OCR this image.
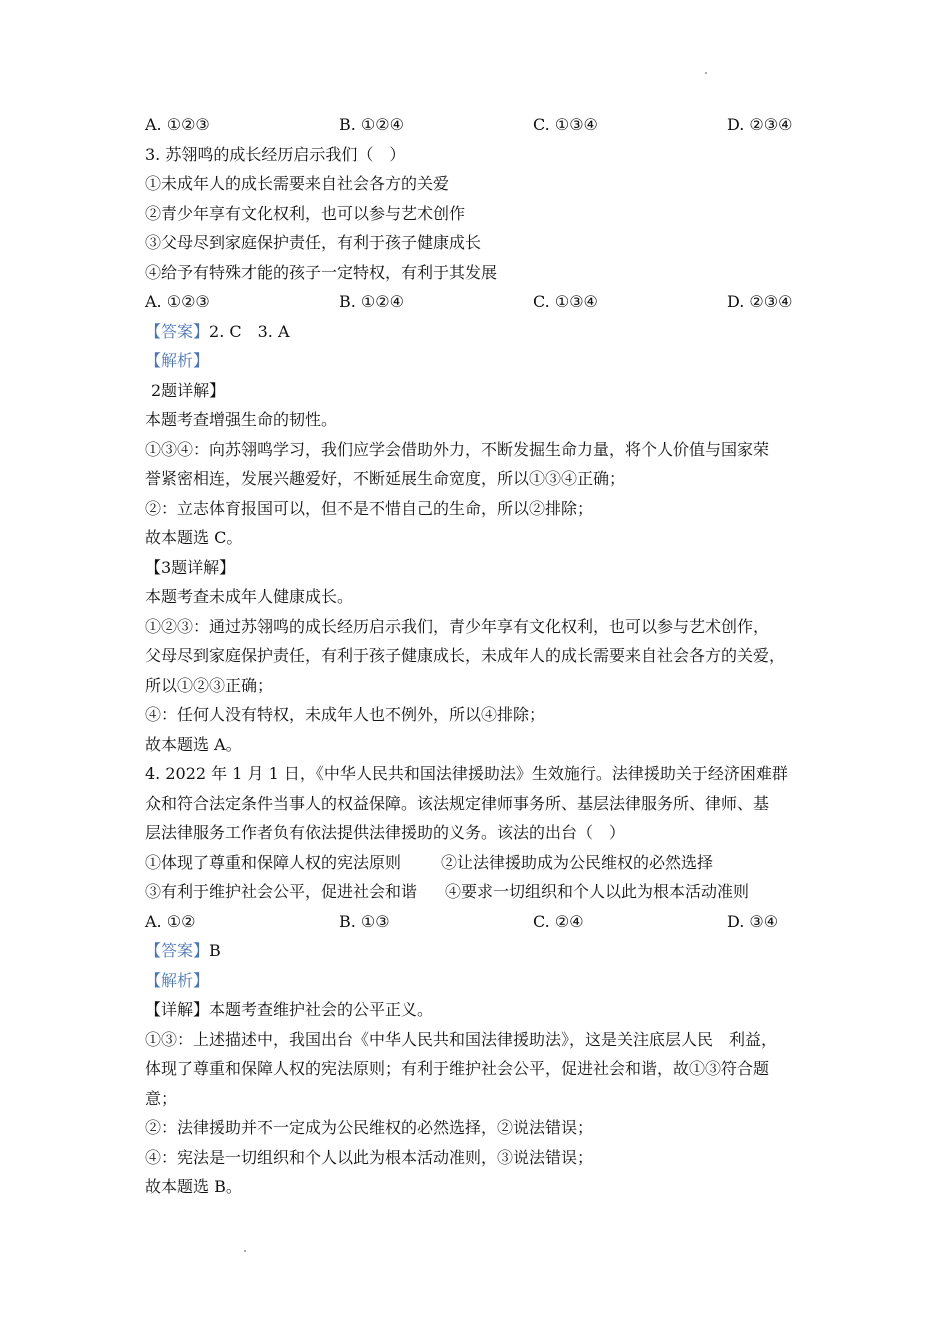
A. ①②③	B. ①②④	C. ①③④	D. ②③④
3. 苏翎鸣的成长经历启示我们（　）
①未成年人的成长需要来自社会各方的关爱
②青少年享有文化权利，也可以参与艺术创作
③父母尽到家庭保护责任，有利于孩子健康成长
④给予有特殊才能的孩子一定特权，有利于其发展
A. ①②③	B. ①②④	C. ①③④	D. ②③④
【答案】2. C　3. A
【解析】
2题详解】
本题考查增强生命的韧性。
①③④：向苏翎鸣学习，我们应学会借助外力，不断发掘生命力量，将个人价值与国家荣
誉紧密相连，发展兴趣爱好，不断延展生命宽度，所以①③④正确；
②：立志体育报国可以，但不是不惜自己的生命，所以②排除；
故本题选 C。
【3题详解】
本题考查未成年人健康成长。
①②③：通过苏翎鸣的成长经历启示我们，青少年享有文化权利，也可以参与艺术创作，
父母尽到家庭保护责任，有利于孩子健康成长，未成年人的成长需要来自社会各方的关爱，
所以①②③正确；
④：任何人没有特权，未成年人也不例外，所以④排除；
故本题选 A。
4. 2022 年 1 月 1 日，《中华人民共和国法律援助法》生效施行。法律援助关于经济困难群
众和符合法定条件当事人的权益保障。该法规定律师事务所、基层法律服务所、律师、基
层法律服务工作者负有依法提供法律援助的义务。该法的出台（　）
①体现了尊重和保障人权的宪法原则	②让法律援助成为公民维权的必然选择
③有利于维护社会公平，促进社会和谐 ④要求一切组织和个人以此为根本活动准则
A. ①②	B. ①③	C. ②④	D. ③④
【答案】B
【解析】
【详解】本题考查维护社会的公平正义。
①③：上述描述中，我国出台《中华人民共和国法律援助法》，这是关注底层人民　利益，
体现了尊重和保障人权的宪法原则；有利于维护社会公平，促进社会和谐，故①③符合题
意；
②：法律援助并不一定成为公民维权的必然选择，②说法错误；
④：宪法是一切组织和个人以此为根本活动准则，③说法错误；
故本题选 B。
